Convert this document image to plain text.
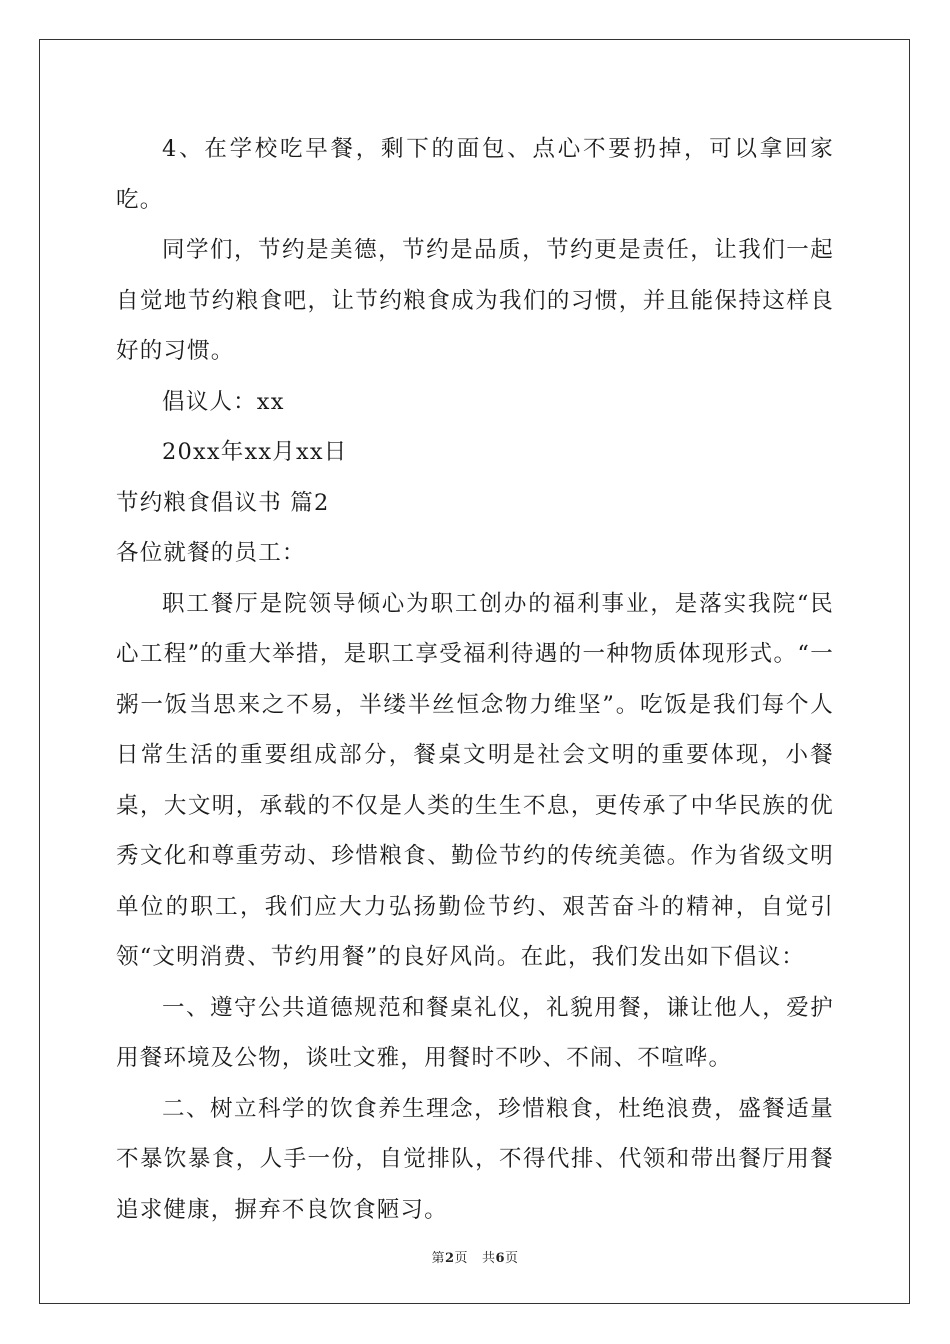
4、在学校吃早餐，剩下的面包、点心不要扔掉，可以拿回家吃。

同学们，节约是美德，节约是品质，节约更是责任，让我们一起自觉地节约粮食吧，让节约粮食成为我们的习惯，并且能保持这样良好的习惯。

倡议人：xx

20xx年xx月xx日

节约粮食倡议书 篇2

各位就餐的员工：

职工餐厅是院领导倾心为职工创办的福利事业，是落实我院“民心工程”的重大举措，是职工享受福利待遇的一种物质体现形式。“一粥一饭当思来之不易，半缕半丝恒念物力维坚”。吃饭是我们每个人日常生活的重要组成部分，餐桌文明是社会文明的重要体现，小餐桌，大文明，承载的不仅是人类的生生不息，更传承了中华民族的优秀文化和尊重劳动、珍惜粮食、勤俭节约的传统美德。作为省级文明单位的职工，我们应大力弘扬勤俭节约、艰苦奋斗的精神，自觉引领“文明消费、节约用餐”的良好风尚。在此，我们发出如下倡议：

一、遵守公共道德规范和餐桌礼仪，礼貌用餐，谦让他人，爱护用餐环境及公物，谈吐文雅，用餐时不吵、不闹、不喧哗。

二、树立科学的饮食养生理念，珍惜粮食，杜绝浪费，盛餐适量不暴饮暴食，人手一份，自觉排队，不得代排、代领和带出餐厅用餐追求健康，摒弃不良饮食陋习。

第2页 共6页
